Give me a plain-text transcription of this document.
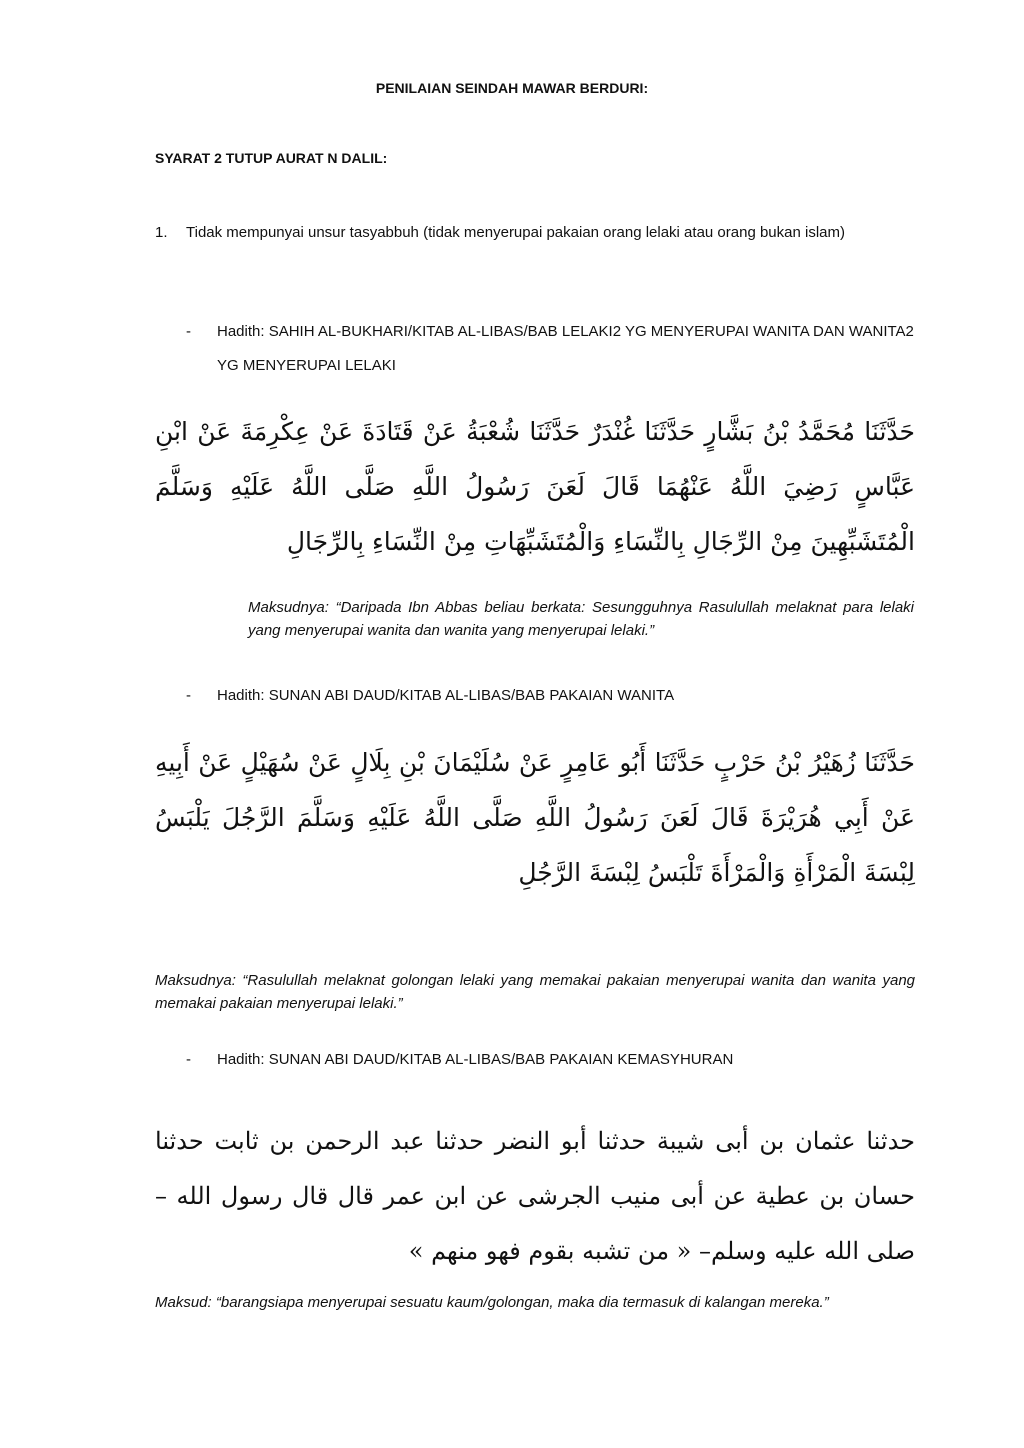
PENILAIAN SEINDAH MAWAR BERDURI:
SYARAT 2 TUTUP AURAT N DALIL:
1. Tidak mempunyai unsur tasyabbuh (tidak menyerupai pakaian orang lelaki atau orang bukan islam)
- Hadith: SAHIH AL-BUKHARI/KITAB AL-LIBAS/BAB LELAKI2 YG MENYERUPAI WANITA DAN WANITA2 YG MENYERUPAI LELAKI
حَدَّثَنَا مُحَمَّدُ بْنُ بَشَّارٍ حَدَّثَنَا غُنْدَرٌ حَدَّثَنَا شُعْبَةُ عَنْ قَتَادَةَ عَنْ عِكْرِمَةَ عَنْ ابْنِ عَبَّاسٍ رَضِيَ اللَّهُ عَنْهُمَا قَالَ لَعَنَ رَسُولُ اللَّهِ صَلَّى اللَّهُ عَلَيْهِ وَسَلَّمَ الْمُتَشَبِّهِينَ مِنْ الرِّجَالِ بِالنِّسَاءِ وَالْمُتَشَبِّهَاتِ مِنْ النِّسَاءِ بِالرِّجَالِ
Maksudnya: “Daripada Ibn Abbas beliau berkata: Sesungguhnya Rasulullah melaknat para lelaki yang menyerupai wanita dan wanita yang menyerupai lelaki.”
- Hadith: SUNAN ABI DAUD/KITAB AL-LIBAS/BAB PAKAIAN WANITA
حَدَّثَنَا زُهَيْرُ بْنُ حَرْبٍ حَدَّثَنَا أَبُو عَامِرٍ عَنْ سُلَيْمَانَ بْنِ بِلَالٍ عَنْ سُهَيْلٍ عَنْ أَبِيهِ عَنْ أَبِي هُرَيْرَةَ قَالَ لَعَنَ رَسُولُ اللَّهِ صَلَّى اللَّهُ عَلَيْهِ وَسَلَّمَ الرَّجُلَ يَلْبَسُ لِبْسَةَ الْمَرْأَةِ وَالْمَرْأَةَ تَلْبَسُ لِبْسَةَ الرَّجُلِ
Maksudnya: “Rasulullah melaknat golongan lelaki yang memakai pakaian menyerupai wanita dan wanita yang memakai pakaian menyerupai lelaki.”
- Hadith: SUNAN ABI DAUD/KITAB AL-LIBAS/BAB PAKAIAN KEMASYHURAN
حدثنا عثمان بن أبى شيبة حدثنا أبو النضر حدثنا عبد الرحمن بن ثابت حدثنا حسان بن عطية عن أبى منيب الجرشى عن ابن عمر قال قال رسول الله –صلى الله عليه وسلم– « من تشبه بقوم فهو منهم »
Maksud: “barangsiapa menyerupai sesuatu kaum/golongan, maka dia termasuk di kalangan mereka.”
